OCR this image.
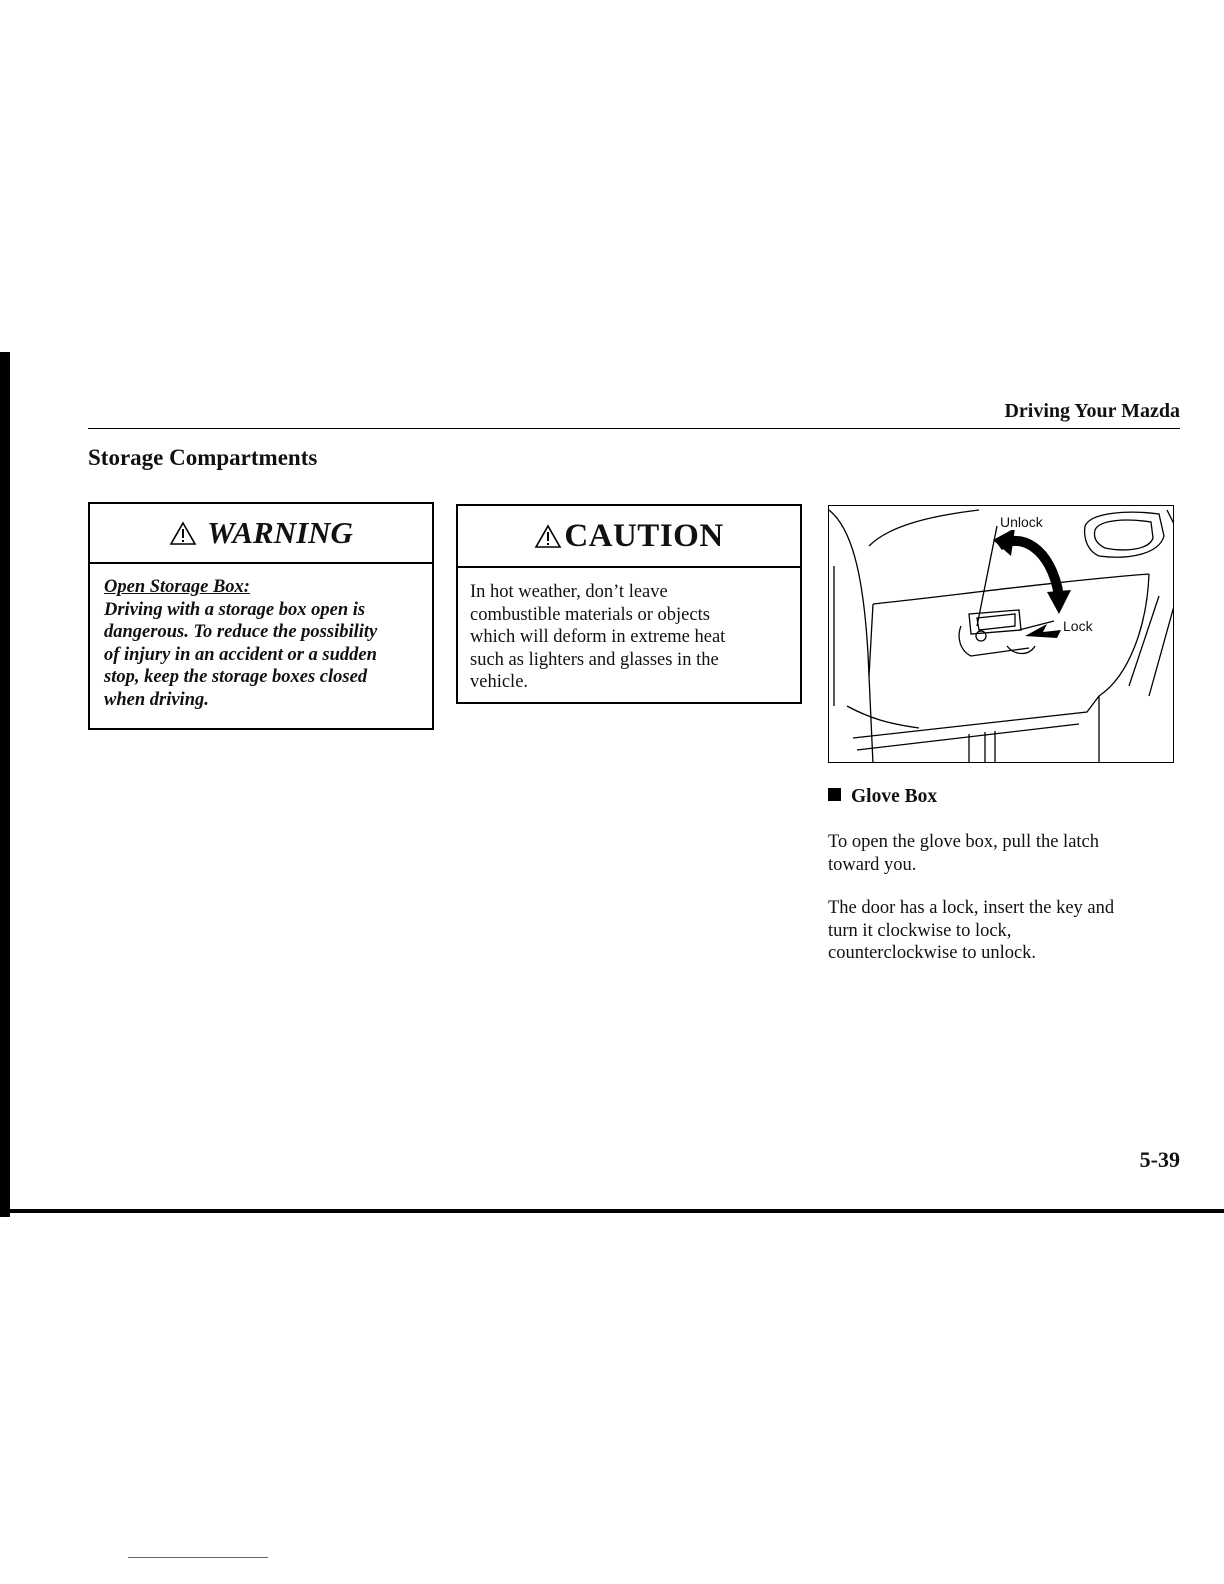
Driving Your Mazda
Storage Compartments
WARNING
Open Storage Box:
Driving with a storage box open is
dangerous. To reduce the possibility
of injury in an accident or a sudden
stop, keep the storage boxes closed
when driving.
CAUTION
In hot weather, don’t leave
combustible materials or objects
which will deform in extreme heat
such as lighters and glasses in the
vehicle.
Unlock
Lock
Glove Box
To open the glove box, pull the latch
toward you.
The door has a lock, insert the key and
turn it clockwise to lock,
counterclockwise to unlock.
5-39
